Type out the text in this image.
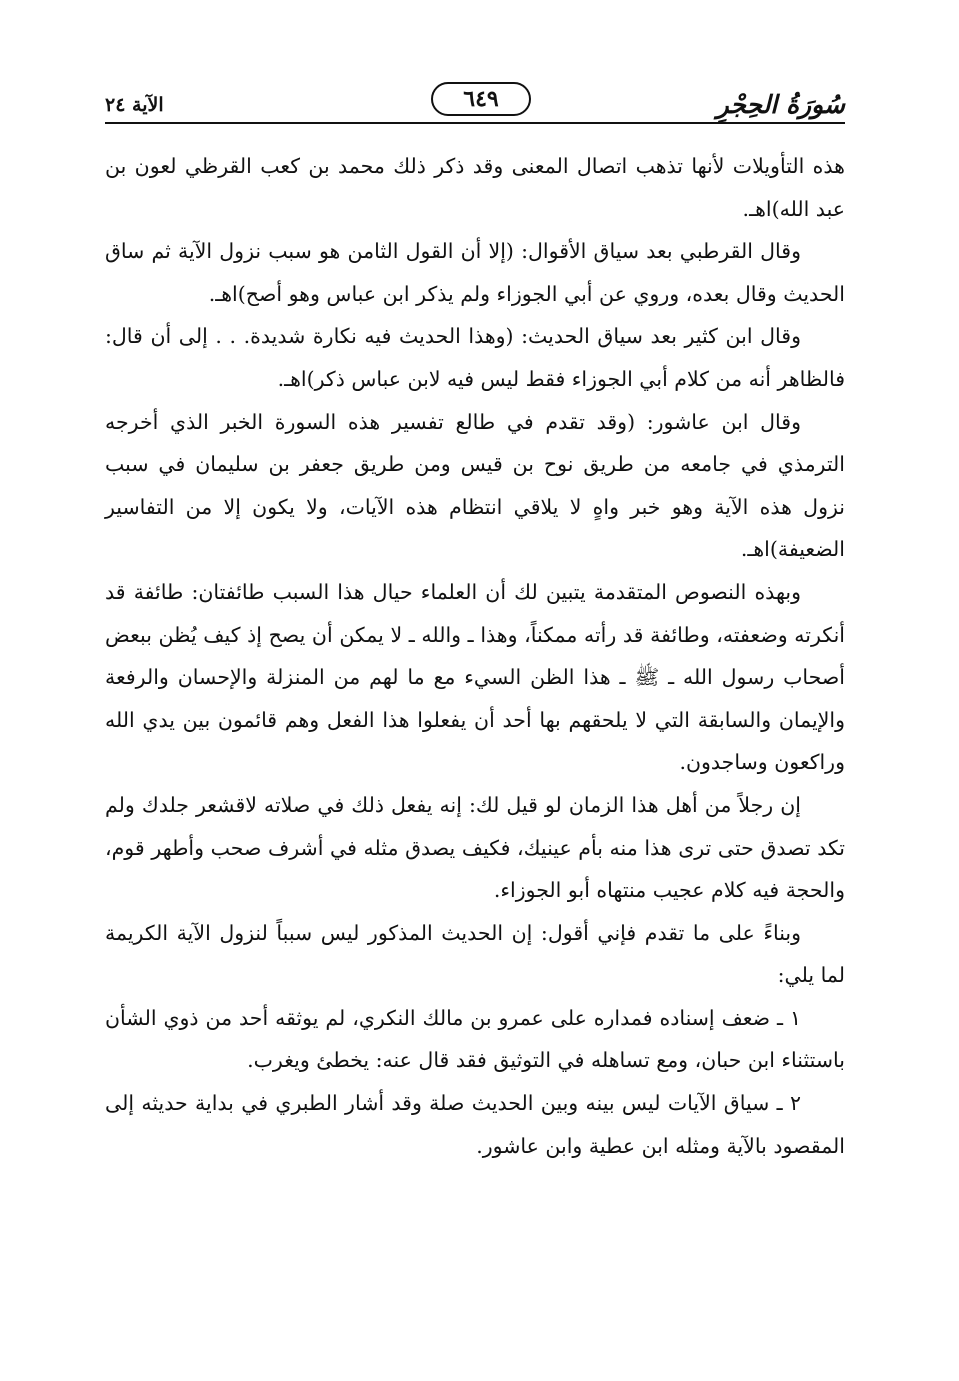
سُورَةُ الحِجْرِ
٦٤٩
الآية ٢٤

هذه التأويلات لأنها تذهب اتصال المعنى وقد ذكر ذلك محمد بن كعب القرظي لعون بن عبد الله)اهـ.

وقال القرطبي بعد سياق الأقوال: (إلا أن القول الثامن هو سبب نزول الآية ثم ساق الحديث وقال بعده، وروي عن أبي الجوزاء ولم يذكر ابن عباس وهو أصح)اهـ.

وقال ابن كثير بعد سياق الحديث: (وهذا الحديث فيه نكارة شديدة. . . إلى أن قال: فالظاهر أنه من كلام أبي الجوزاء فقط ليس فيه لابن عباس ذكر)اهـ.

وقال ابن عاشور: (وقد تقدم في طالع تفسير هذه السورة الخبر الذي أخرجه الترمذي في جامعه من طريق نوح بن قيس ومن طريق جعفر بن سليمان في سبب نزول هذه الآية وهو خبر واهٍ لا يلاقي انتظام هذه الآيات، ولا يكون إلا من التفاسير الضعيفة)اهـ.

وبهذه النصوص المتقدمة يتبين لك أن العلماء حيال هذا السبب طائفتان: طائفة قد أنكرته وضعفته، وطائفة قد رأته ممكناً، وهذا ـ والله ـ لا يمكن أن يصح إذ كيف يُظن ببعض أصحاب رسول الله ـ ﷺ ـ هذا الظن السيء مع ما لهم من المنزلة والإحسان والرفعة والإيمان والسابقة التي لا يلحقهم بها أحد أن يفعلوا هذا الفعل وهم قائمون بين يدي الله وراكعون وساجدون.

إن رجلاً من أهل هذا الزمان لو قيل لك: إنه يفعل ذلك في صلاته لاقشعر جلدك ولم تكد تصدق حتى ترى هذا منه بأم عينيك، فكيف يصدق مثله في أشرف صحب وأطهر قوم، والحجة فيه كلام عجيب منتهاه أبو الجوزاء.

وبناءً على ما تقدم فإني أقول: إن الحديث المذكور ليس سبباً لنزول الآية الكريمة لما يلي:

١ ـ ضعف إسناده فمداره على عمرو بن مالك النكري، لم يوثقه أحد من ذوي الشأن باستثناء ابن حبان، ومع تساهله في التوثيق فقد قال عنه: يخطئ ويغرب.

٢ ـ سياق الآيات ليس بينه وبين الحديث صلة وقد أشار الطبري في بداية حديثه إلى المقصود بالآية ومثله ابن عطية وابن عاشور.
